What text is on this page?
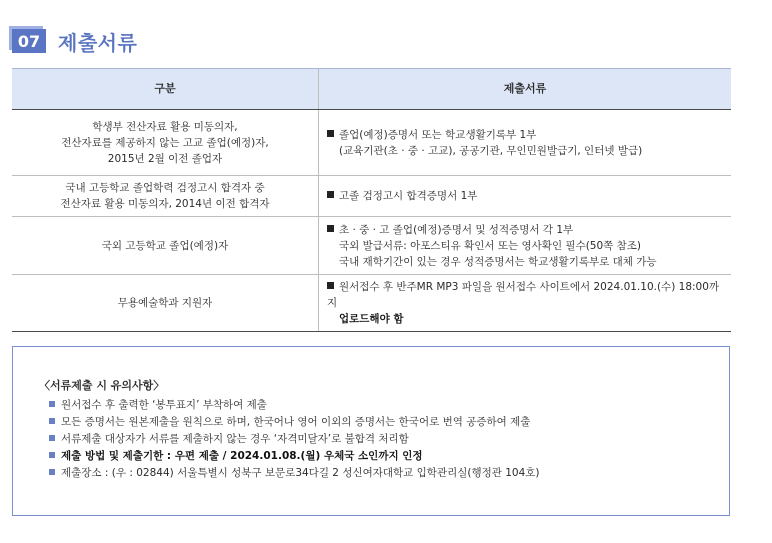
07 제출서류
구분	제출서류

학생부 전산자료 활용 미동의자,
전산자료를 제공하지 않는 고교 졸업(예정)자,
2015년 2월 이전 졸업자	졸업(예정)증명서 또는 학교생활기록부 1부
(교육기관(초 · 중 · 고교), 공공기관, 무인민원발급기, 인터넷 발급)

국내 고등학교 졸업학력 검정고시 합격자 중
전산자료 활용 미동의자, 2014년 이전 합격자	고졸 검정고시 합격증명서 1부

국외 고등학교 졸업(예정)자	초 · 중 · 고 졸업(예정)증명서 및 성적증명서 각 1부
국외 발급서류: 아포스티유 확인서 또는 영사확인 필수(50쪽 참조)
국내 재학기간이 있는 경우 성적증명서는 학교생활기록부로 대체 가능

무용예술학과 지원자	원서접수 후 반주MR MP3 파일을 원서접수 사이트에서 2024.01.10.(수) 18:00까지
업로드해야 함
〈서류제출 시 유의사항〉
원서접수 후 출력한 ‘봉투표지’ 부착하여 제출
모든 증명서는 원본제출을 원칙으로 하며, 한국어나 영어 이외의 증명서는 한국어로 번역 공증하여 제출
서류제출 대상자가 서류를 제출하지 않는 경우 ‘자격미달자’로 불합격 처리함
제출 방법 및 제출기한 : 우편 제출 / 2024.01.08.(월) 우체국 소인까지 인정
제출장소 : (우 : 02844) 서울특별시 성북구 보문로34다길 2 성신여자대학교 입학관리실(행정관 104호)
